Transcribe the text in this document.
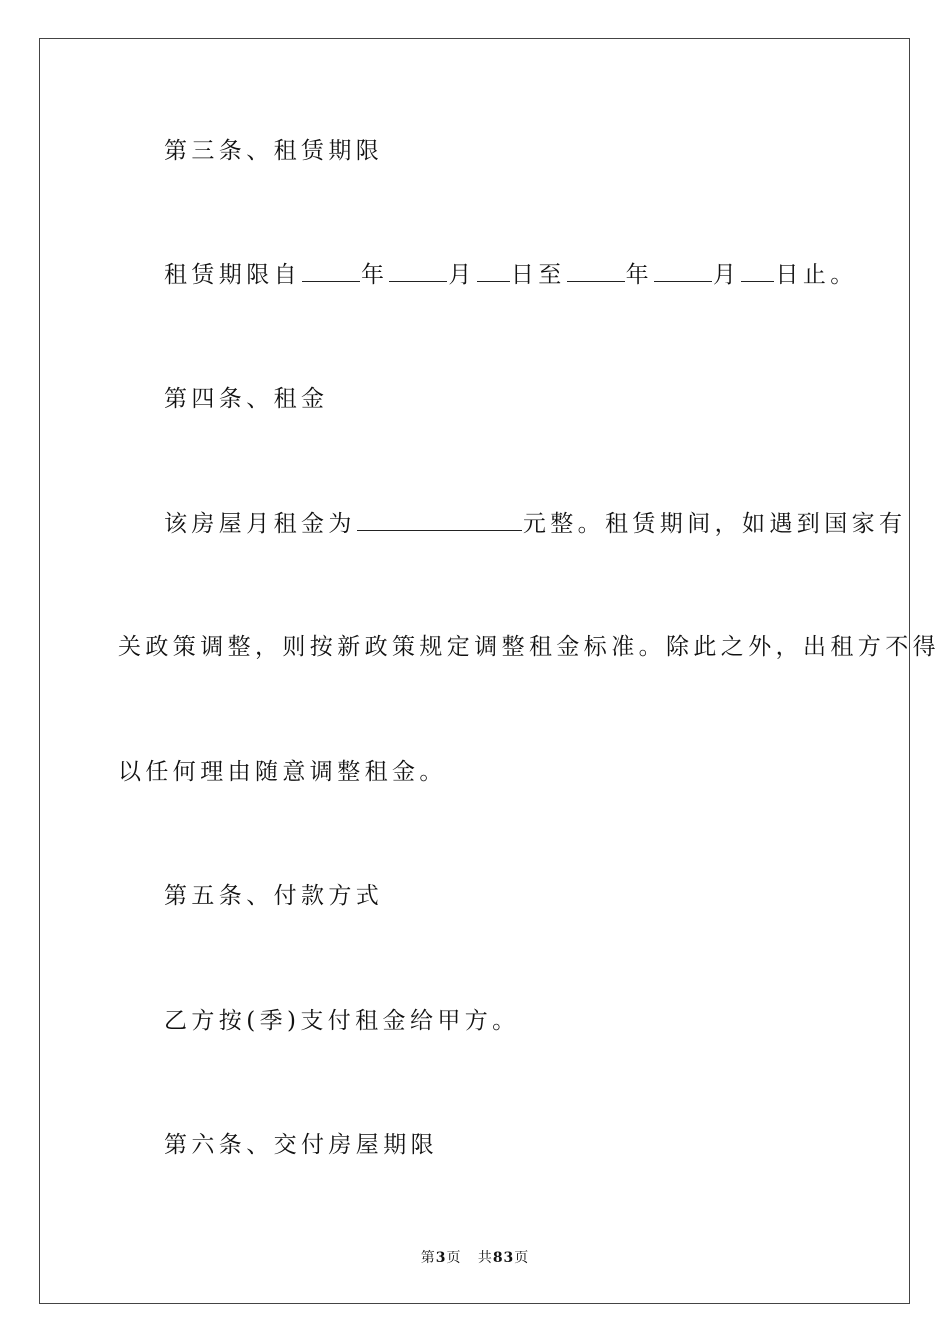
第三条、租赁期限
租赁期限自	年	月 日至	年	月 日止。
第四条、租金
该房屋月租金为	元整。租赁期间，如遇到国家有
关政策调整，则按新政策规定调整租金标准。除此之外，出租方不得
以任何理由随意调整租金。
第五条、付款方式
乙方按(季)支付租金给甲方。
第六条、交付房屋期限
第3页 共83页
